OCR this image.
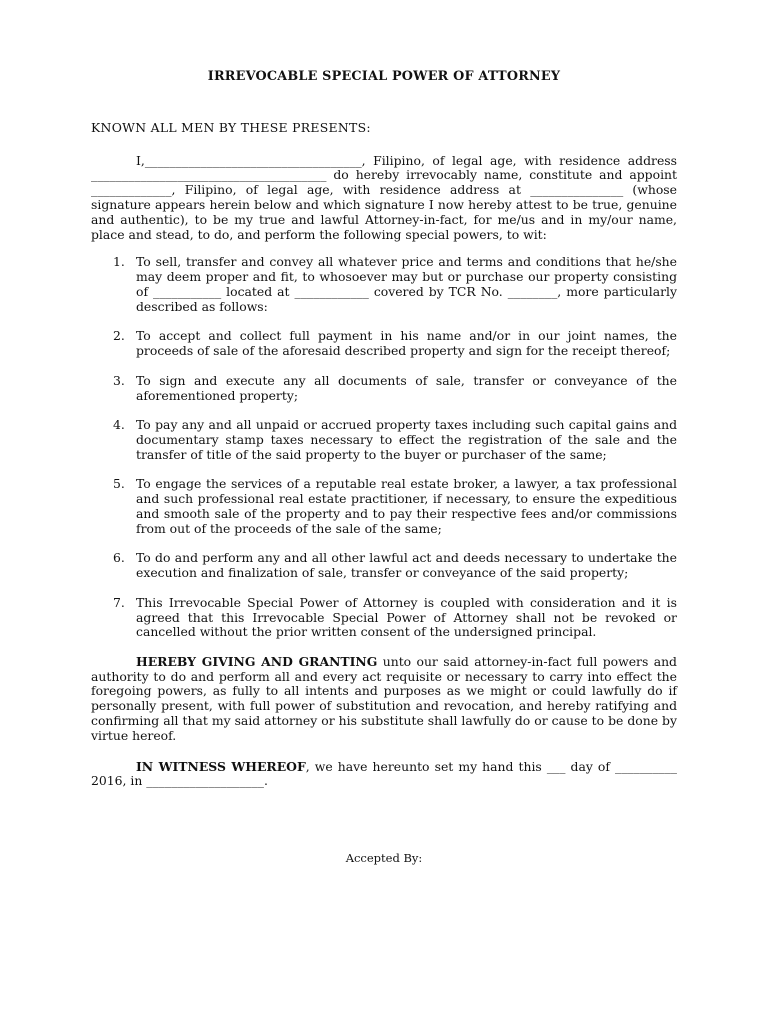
IRREVOCABLE SPECIAL POWER OF ATTORNEY
KNOWN ALL MEN BY THESE PRESENTS:

I,___________________________________, Filipino, of legal age, with residence address ______________________________________ do hereby irrevocably name, constitute and appoint _____________, Filipino, of legal age, with residence address at _______________ (whose signature appears herein below and which signature I now hereby attest to be true, genuine and authentic), to be my true and lawful Attorney-in-fact, for me/us and in my/our name, place and stead, to do, and perform the following special powers, to wit:

1. To sell, transfer and convey all whatever price and terms and conditions that he/she may deem proper and fit, to whosoever may but or purchase our property consisting of ___________ located at ____________ covered by TCR No. ________, more particularly described as follows:
2. To accept and collect full payment in his name and/or in our joint names, the proceeds of sale of the aforesaid described property and sign for the receipt thereof;
3. To sign and execute any all documents of sale, transfer or conveyance of the aforementioned property;
4. To pay any and all unpaid or accrued property taxes including such capital gains and documentary stamp taxes necessary to effect the registration of the sale and the transfer of title of the said property to the buyer or purchaser of the same;
5. To engage the services of a reputable real estate broker, a lawyer, a tax professional and such professional real estate practitioner, if necessary, to ensure the expeditious and smooth sale of the property and to pay their respective fees and/or commissions from out of the proceeds of the sale of the same;
6. To do and perform any and all other lawful act and deeds necessary to undertake the execution and finalization of sale, transfer or conveyance of the said property;
7. This Irrevocable Special Power of Attorney is coupled with consideration and it is agreed that this Irrevocable Special Power of Attorney shall not be revoked or cancelled without the prior written consent of the undersigned principal.

HEREBY GIVING AND GRANTING unto our said attorney-in-fact full powers and authority to do and perform all and every act requisite or necessary to carry into effect the foregoing powers, as fully to all intents and purposes as we might or could lawfully do if personally present, with full power of substitution and revocation, and hereby ratifying and confirming all that my said attorney or his substitute shall lawfully do or cause to be done by virtue hereof.

IN WITNESS WHEREOF, we have hereunto set my hand this ___ day of __________ 2016, in ___________________.

Accepted By:
